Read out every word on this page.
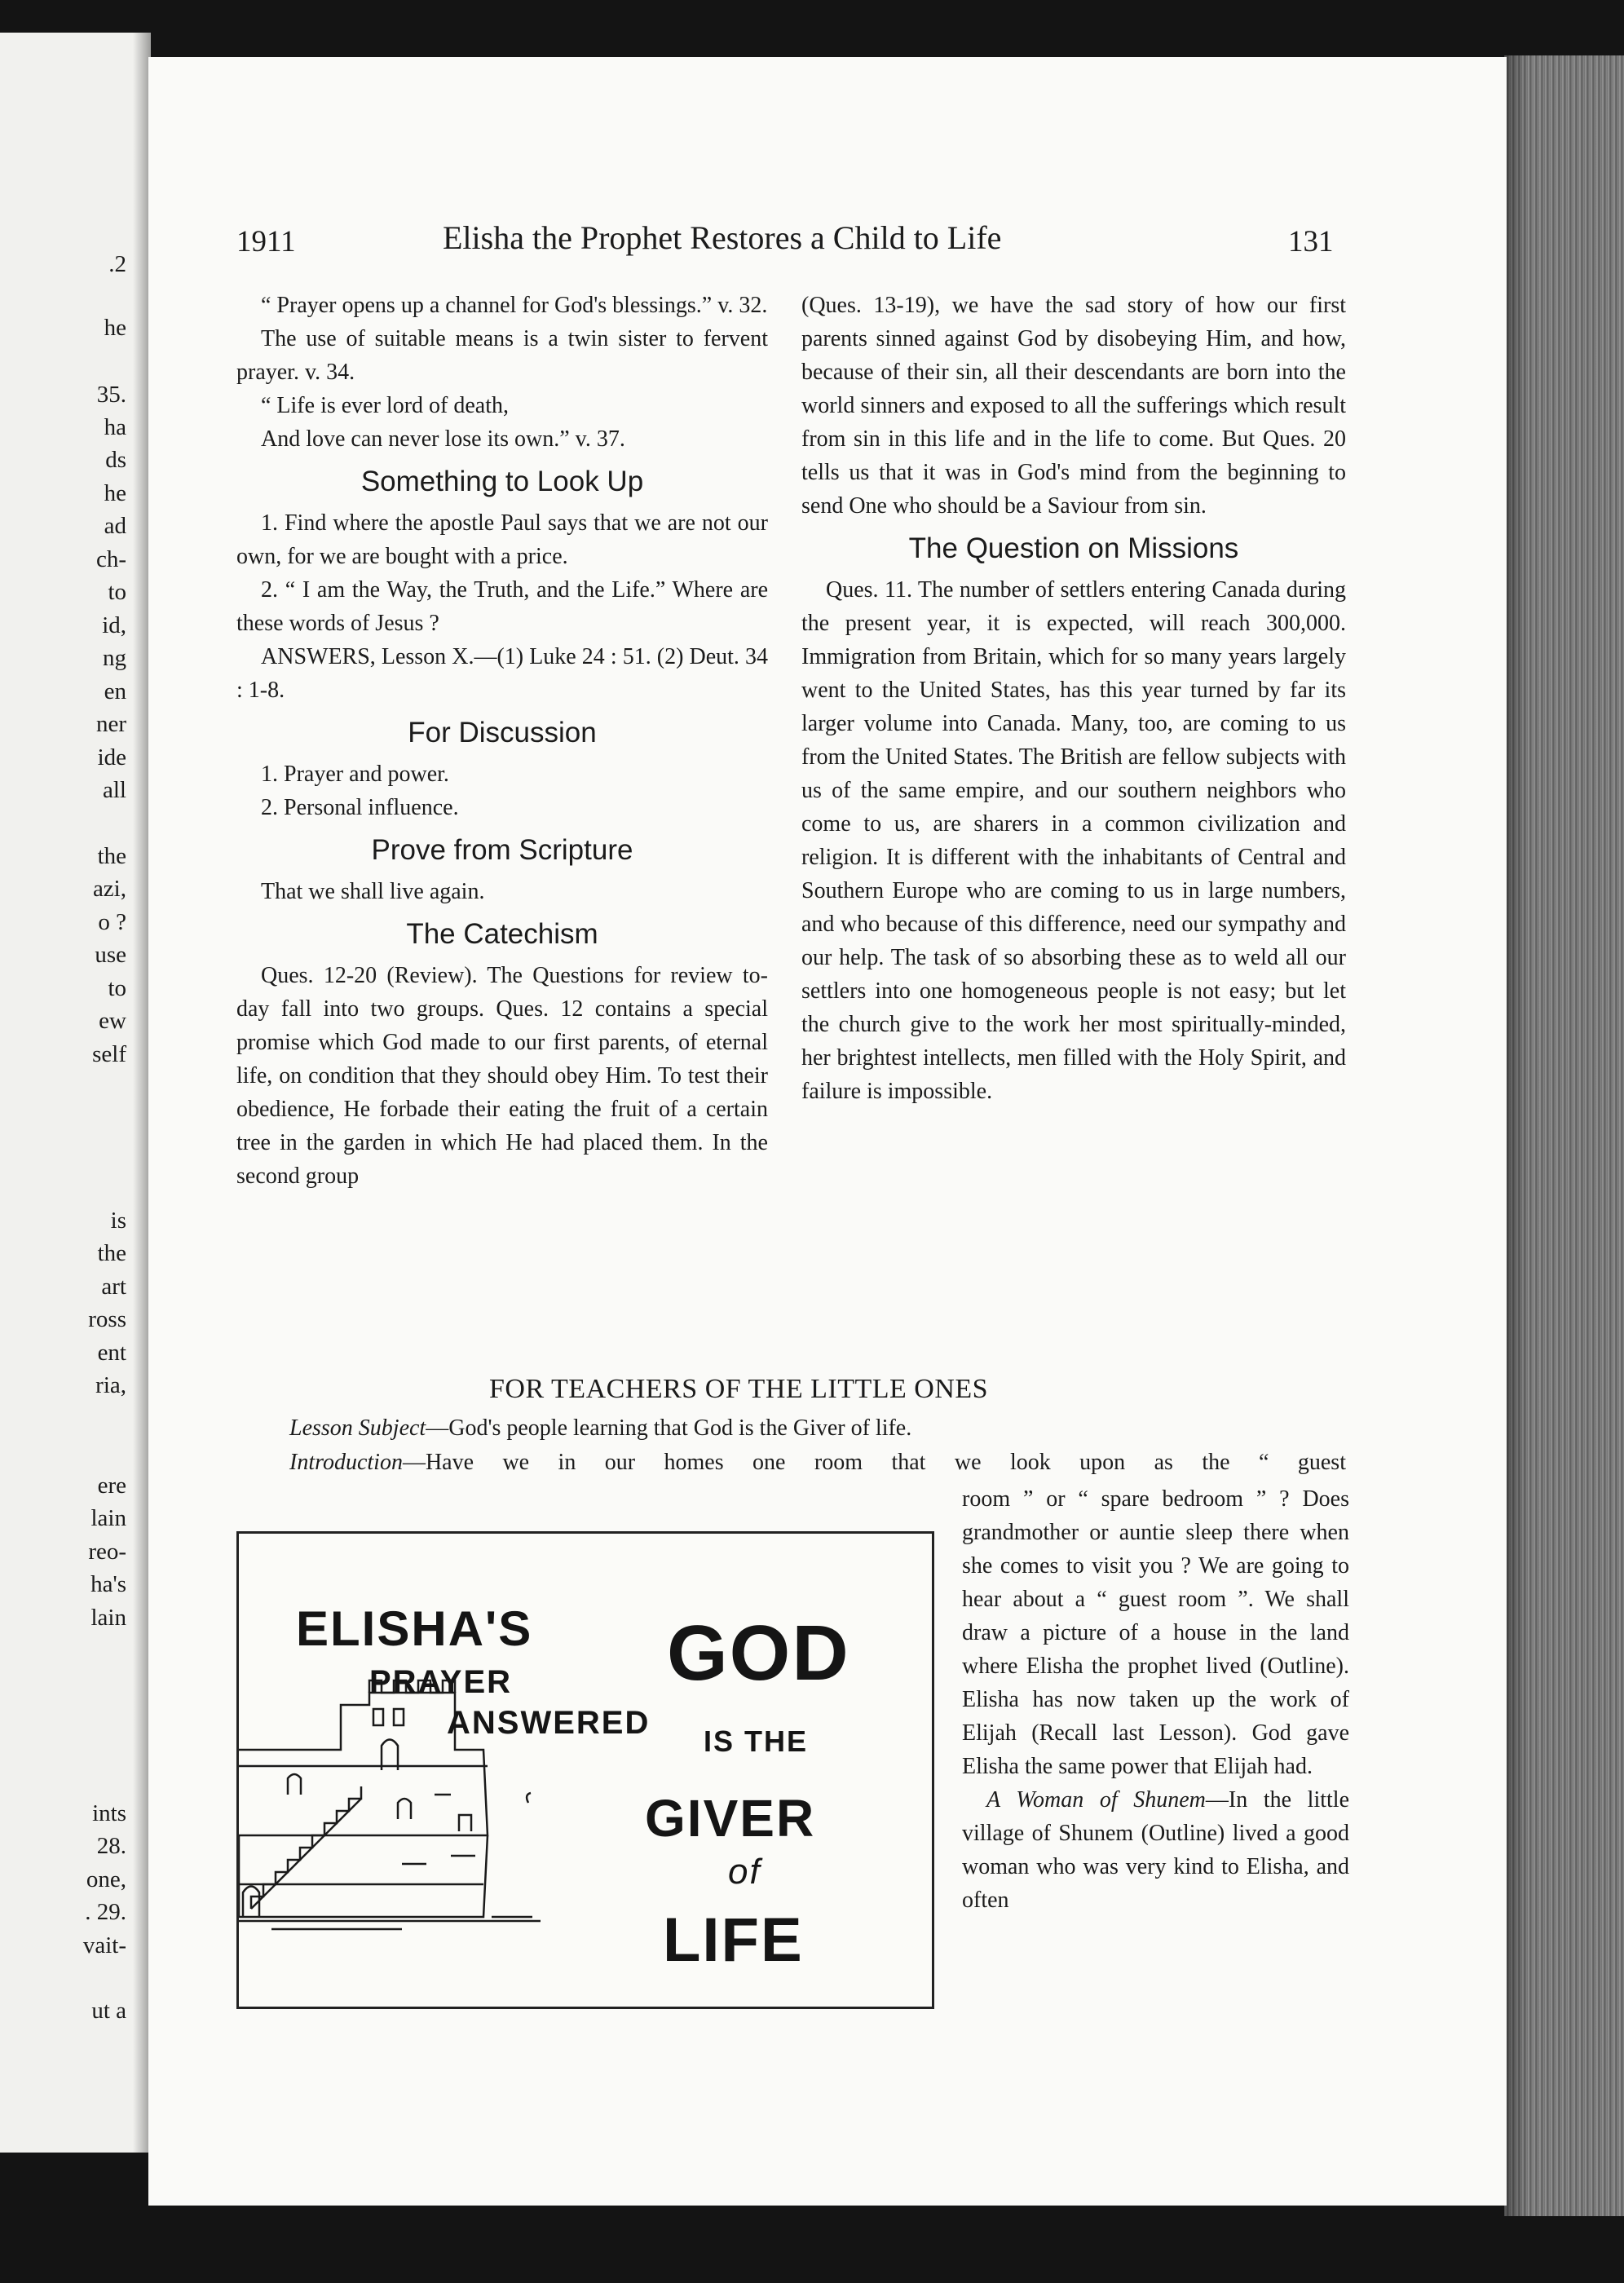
.2
he
35.
ha
ds
he
ad
ch-
to
id,
ng
en
ner
ide
all
the
azi,
o ?
use
to
ew
self
is
the
art
ross
ent
ria,
ere
lain
reo-
ha's
lain
ints
28.
one,
. 29.
vait-
ut a
1911	Elisha the Prophet Restores a Child to Life	131

“ Prayer opens up a channel for God's blessings.” v. 32.

The use of suitable means is a twin sister to fervent prayer. v. 34.

“ Life is ever lord of death,

And love can never lose its own.” v. 37.

Something to Look Up

1. Find where the apostle Paul says that we are not our own, for we are bought with a price.

2. “ I am the Way, the Truth, and the Life.” Where are these words of Jesus ?

ANSWERS, Lesson X.—(1) Luke 24 : 51. (2) Deut. 34 : 1-8.

For Discussion

1. Prayer and power.

2. Personal influence.

Prove from Scripture

That we shall live again.

The Catechism

Ques. 12-20 (Review). The Questions for review to-day fall into two groups. Ques. 12 contains a special promise which God made to our first parents, of eternal life, on condition that they should obey Him. To test their obedience, He forbade their eating the fruit of a certain tree in the garden in which He had placed them. In the second group

(Ques. 13-19), we have the sad story of how our first parents sinned against God by disobeying Him, and how, because of their sin, all their descendants are born into the world sinners and exposed to all the sufferings which result from sin in this life and in the life to come. But Ques. 20 tells us that it was in God's mind from the beginning to send One who should be a Saviour from sin.

The Question on Missions

Ques. 11. The number of settlers entering Canada during the present year, it is expected, will reach 300,000. Immigration from Britain, which for so many years largely went to the United States, has this year turned by far its larger volume into Canada. Many, too, are coming to us from the United States. The British are fellow subjects with us of the same empire, and our southern neighbors who come to us, are sharers in a common civilization and religion. It is different with the inhabitants of Central and Southern Europe who are coming to us in large numbers, and who because of this difference, need our sympathy and our help. The task of so absorbing these as to weld all our settlers into one homogeneous people is not easy; but let the church give to the work her most spiritually-minded, her brightest intellects, men filled with the Holy Spirit, and failure is impossible.

FOR TEACHERS OF THE LITTLE ONES
Lesson Subject—God's people learning that God is the Giver of life.
Introduction—Have we in our homes one room that we look upon as the “ guest

room ” or “ spare bedroom ” ? Does grandmother or auntie sleep there when she comes to visit you ? We are going to hear about a “ guest room ”. We shall draw a picture of a house in the land where Elisha the prophet lived (Outline). Elisha has now taken up the work of Elijah (Recall last Lesson). God gave Elisha the same power that Elijah had.

A Woman of Shunem—In the little village of Shunem (Outline) lived a good woman who was very kind to Elisha, and often

ELISHA'S
PRAYER
ANSWERED
GOD
IS THE
GIVER
of
LIFE
